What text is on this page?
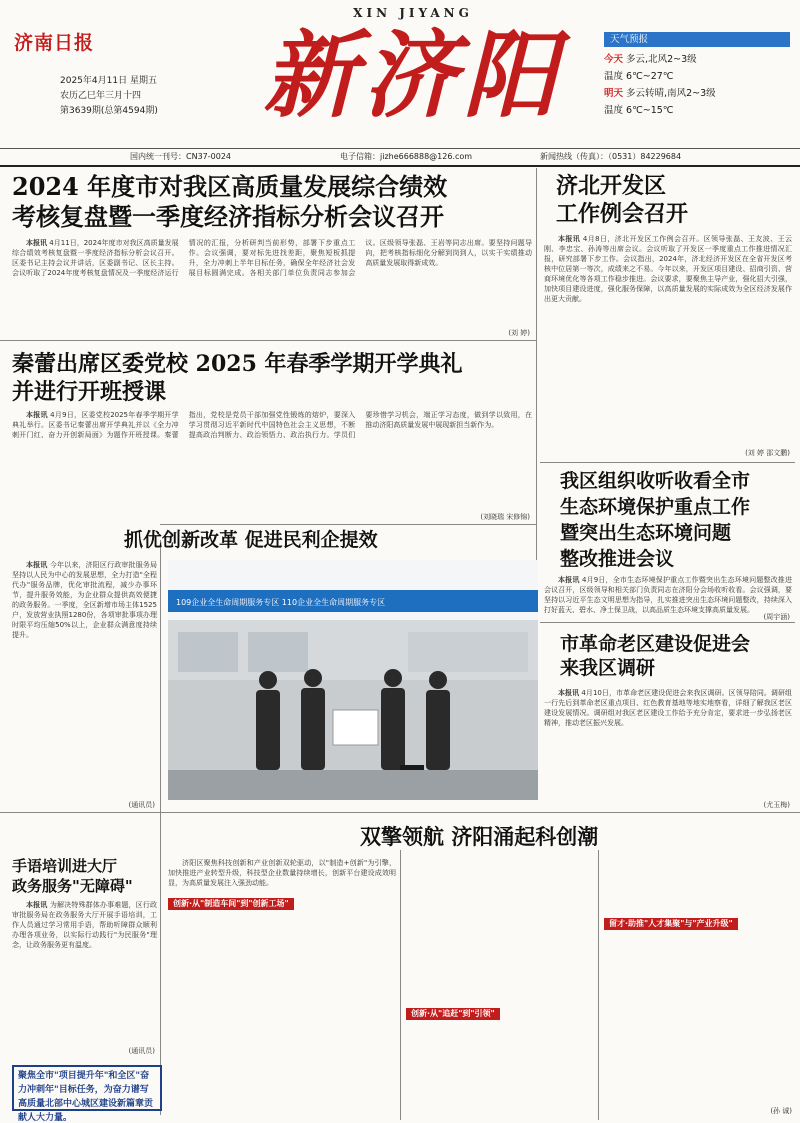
济南日报
2025年4月11日 星期五
农历乙巳年三月十四
第3639期(总第4594期)
XIN JIYANG
新济阳	天气预报
今天 多云,北风2~3级
温度 6℃~27℃
明天 多云转晴,南风2~3级
温度 6℃~15℃
国内统一刊号：CN37-0024	电子信箱：jizhe666888@126.com	新闻热线（传真）：（0531）84229684
2024 年度市对我区高质量发展综合绩效
考核复盘暨一季度经济指标分析会议召开

本报讯 4月11日，2024年度市对我区高质量发展综合绩效考核复盘暨一季度经济指标分析会议召开。区委书记主持会议并讲话，区委副书记、区长主持。会议听取了2024年度考核复盘情况及一季度经济运行情况的汇报，分析研判当前形势，部署下步重点工作。会议强调，要对标先进找差距，聚焦短板抓提升，全力冲刺上半年目标任务，确保全年经济社会发展目标圆满完成。各相关部门单位负责同志参加会议。区级领导张磊、王岩等同志出席。要坚持问题导向，把考核指标细化分解到岗到人，以实干实绩推动高质量发展取得新成效。

(刘 婷)
济北开发区
工作例会召开

本报讯 4月8日，济北开发区工作例会召开。区领导张磊、王友波、王云刚、李忠宝、孙涛等出席会议。会议听取了开发区一季度重点工作推进情况汇报，研究部署下步工作。会议指出，2024年，济北经济开发区在全省开发区考核中位居第一等次，成绩来之不易。今年以来，开发区项目建设、招商引资、营商环境优化等各项工作稳步推进。会议要求，要聚焦主导产业，强化招大引强，加快项目建设进度，强化服务保障，以高质量发展的实际成效为全区经济发展作出更大贡献。

(刘 婷 邵文鹏)
秦蕾出席区委党校 2025 年春季学期开学典礼
并进行开班授课

本报讯 4月9日，区委党校2025年春季学期开学典礼举行。区委书记秦蕾出席开学典礼并以《全力冲刺开门红、奋力开创新局面》为题作开班授课。秦蕾指出，党校是党员干部加强党性锻炼的熔炉，要深入学习贯彻习近平新时代中国特色社会主义思想，不断提高政治判断力、政治领悟力、政治执行力。学员们要珍惜学习机会，端正学习态度，做到学以致用，在推动济阳高质量发展中展现新担当新作为。

(刘晓瑞 宋修锦)
我区组织收听收看全市
生态环境保护重点工作
暨突出生态环境问题
整改推进会议

本报讯 4月9日，全市生态环境保护重点工作暨突出生态环境问题整改推进会议召开，区级领导和相关部门负责同志在济阳分会场收听收看。会议强调，要坚持以习近平生态文明思想为指导，扎实推进突出生态环境问题整改，持续深入打好蓝天、碧水、净土保卫战，以高品质生态环境支撑高质量发展。

(周宇涵)
市革命老区建设促进会
来我区调研

本报讯 4月10日，市革命老区建设促进会来我区调研。区领导陪同。调研组一行先后到革命老区重点项目、红色教育基地等地实地察看，详细了解我区老区建设发展情况。调研组对我区老区建设工作给予充分肯定，要求进一步弘扬老区精神，推动老区振兴发展。

(尤玉梅)
抓优创新改革 促进民利企提效

本报讯 今年以来，济阳区行政审批服务局坚持以人民为中心的发展思想，全力打造"全程代办"服务品牌，优化审批流程，减少办事环节，提升服务效能，为企业群众提供高效便捷的政务服务。一季度，全区新增市场主体1525户，发放营业执照1280份，各项审批事项办理时限平均压缩50%以上，企业群众满意度持续提升。

(通讯员)
109企业全生命周期服务专区 110企业全生命周期服务专区
手语培训进大厅
政务服务"无障碍"

本报讯 为解决特殊群体办事难题，区行政审批服务局在政务服务大厅开展手语培训，工作人员通过学习常用手语，帮助听障群众顺利办理各项业务，以实际行动践行"为民服务"理念，让政务服务更有温度。

(通讯员)
聚焦全市"项目提升年"和全区"奋力冲刺年"目标任务，为奋力谱写高质量北部中心城区建设新篇章贡献人大力量。
双擎领航 济阳涌起科创潮

济阳区聚焦科技创新和产业创新双轮驱动，以"制造+创新"为引擎，加快推进产业转型升级，科技型企业数量持续增长，创新平台建设成效明显，为高质量发展注入强劲动能。

创新·从"制造车间"到"创新工场"
创新·从"追赶"到"引领"
留才·助推"人才集聚"与"产业升级"
(孙 诚)
